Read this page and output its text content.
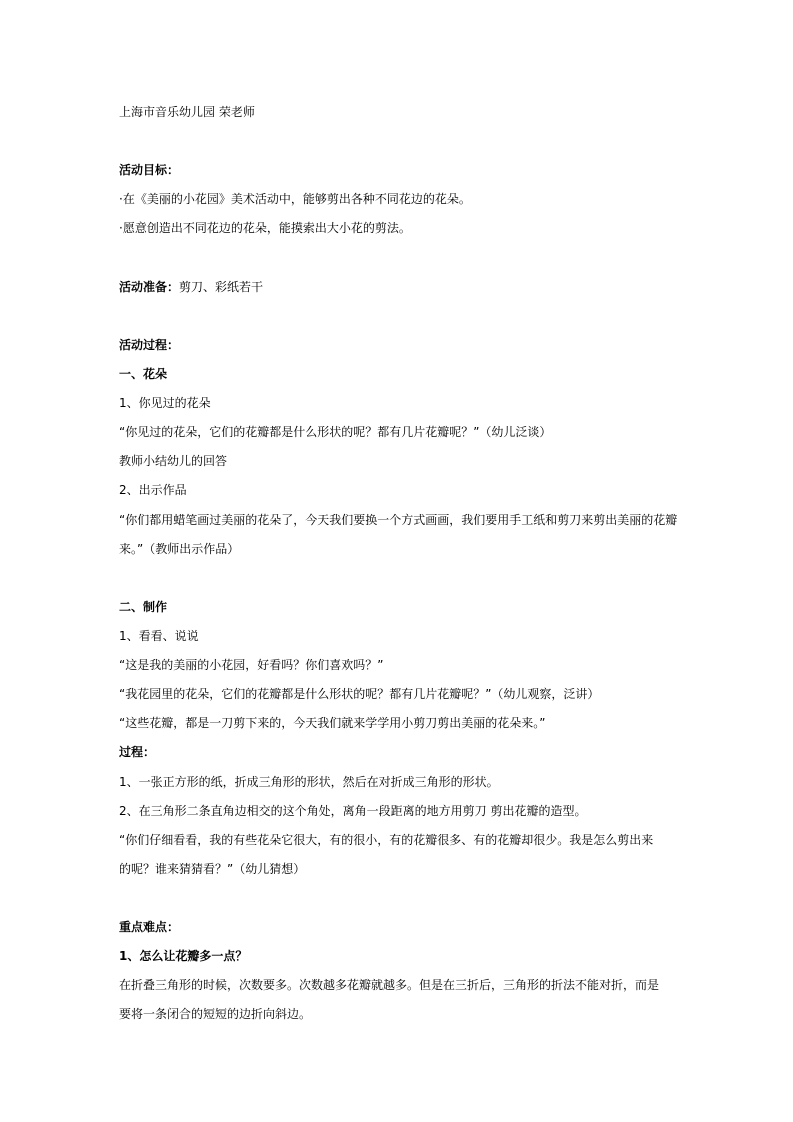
上海市音乐幼儿园 荣老师
活动目标：
·在《美丽的小花园》美术活动中，能够剪出各种不同花边的花朵。
·愿意创造出不同花边的花朵，能摸索出大小花的剪法。
活动准备：剪刀、彩纸若干
活动过程：
一、花朵
1、你见过的花朵
“你见过的花朵，它们的花瓣都是什么形状的呢？都有几片花瓣呢？”（幼儿泛谈）
教师小结幼儿的回答
2、出示作品
“你们都用蜡笔画过美丽的花朵了，今天我们要换一个方式画画，我们要用手工纸和剪刀来剪出美丽的花瓣
来。”（教师出示作品）
二、制作
1、看看、说说
“这是我的美丽的小花园，好看吗？你们喜欢吗？”
“我花园里的花朵，它们的花瓣都是什么形状的呢？都有几片花瓣呢？”（幼儿观察，泛讲）
“这些花瓣，都是一刀剪下来的，今天我们就来学学用小剪刀剪出美丽的花朵来。”
过程：
1、一张正方形的纸，折成三角形的形状，然后在对折成三角形的形状。
2、在三角形二条直角边相交的这个角处，离角一段距离的地方用剪刀 剪出花瓣的造型。
“你们仔细看看，我的有些花朵它很大，有的很小，有的花瓣很多、有的花瓣却很少。我是怎么剪出来
的呢？谁来猜猜看？”（幼儿猜想）
重点难点：
1、怎么让花瓣多一点？
在折叠三角形的时候，次数要多。次数越多花瓣就越多。但是在三折后，三角形的折法不能对折，而是
要将一条闭合的短短的边折向斜边。
